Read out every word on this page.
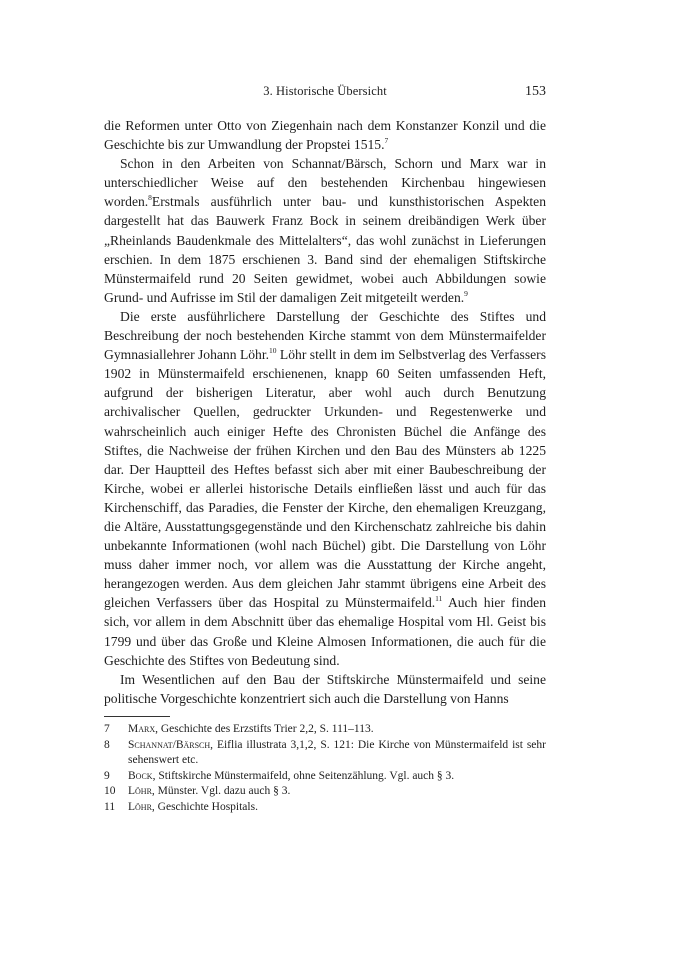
3. Historische Übersicht	153

die Reformen unter Otto von Ziegenhain nach dem Konstanzer Konzil und die Geschichte bis zur Umwandlung der Propstei 1515.$^7$

Schon in den Arbeiten von Schannat/Bärsch, Schorn und Marx war in unterschiedlicher Weise auf den bestehenden Kirchenbau hingewiesen worden.$^8$Erstmals ausführlich unter bau- und kunsthistorischen Aspekten dargestellt hat das Bauwerk Franz Bock in seinem dreibändigen Werk über „Rheinlands Baudenkmale des Mittelalters“, das wohl zunächst in Lieferungen erschien. In dem 1875 erschienen 3. Band sind der ehemaligen Stiftskirche Münstermaifeld rund 20 Seiten gewidmet, wobei auch Abbildungen sowie Grund- und Aufrisse im Stil der damaligen Zeit mitgeteilt werden.$^9$

Die erste ausführlichere Darstellung der Geschichte des Stiftes und Beschreibung der noch bestehenden Kirche stammt von dem Münstermaifelder Gymnasiallehrer Johann Löhr.$^{10}$ Löhr stellt in dem im Selbstverlag des Verfassers 1902 in Münstermaifeld erschienenen, knapp 60 Seiten umfassenden Heft, aufgrund der bisherigen Literatur, aber wohl auch durch Benutzung archivalischer Quellen, gedruckter Urkunden- und Regestenwerke und wahrscheinlich auch einiger Hefte des Chronisten Büchel die Anfänge des Stiftes, die Nachweise der frühen Kirchen und den Bau des Münsters ab 1225 dar. Der Hauptteil des Heftes befasst sich aber mit einer Baubeschreibung der Kirche, wobei er allerlei historische Details einfließen lässt und auch für das Kirchenschiff, das Paradies, die Fenster der Kirche, den ehemaligen Kreuzgang, die Altäre, Ausstattungsgegenstände und den Kirchenschatz zahlreiche bis dahin unbekannte Informationen (wohl nach Büchel) gibt. Die Darstellung von Löhr muss daher immer noch, vor allem was die Ausstattung der Kirche angeht, herangezogen werden. Aus dem gleichen Jahr stammt übrigens eine Arbeit des gleichen Verfassers über das Hospital zu Münstermaifeld.$^{11}$ Auch hier finden sich, vor allem in dem Abschnitt über das ehemalige Hospital vom Hl. Geist bis 1799 und über das Große und Kleine Almosen Informationen, die auch für die Geschichte des Stiftes von Bedeutung sind.

Im Wesentlichen auf den Bau der Stiftskirche Münstermaifeld und seine politische Vorgeschichte konzentriert sich auch die Darstellung von Hanns

7	Marx, Geschichte des Erzstifts Trier 2,2, S. 111–113.
8	Schannat/Bärsch, Eiflia illustrata 3,1,2, S. 121: Die Kirche von Münstermaifeld ist sehr sehenswert etc.
9	Bock, Stiftskirche Münstermaifeld, ohne Seitenzählung. Vgl. auch § 3.
10	Löhr, Münster. Vgl. dazu auch § 3.
11	Löhr, Geschichte Hospitals.
